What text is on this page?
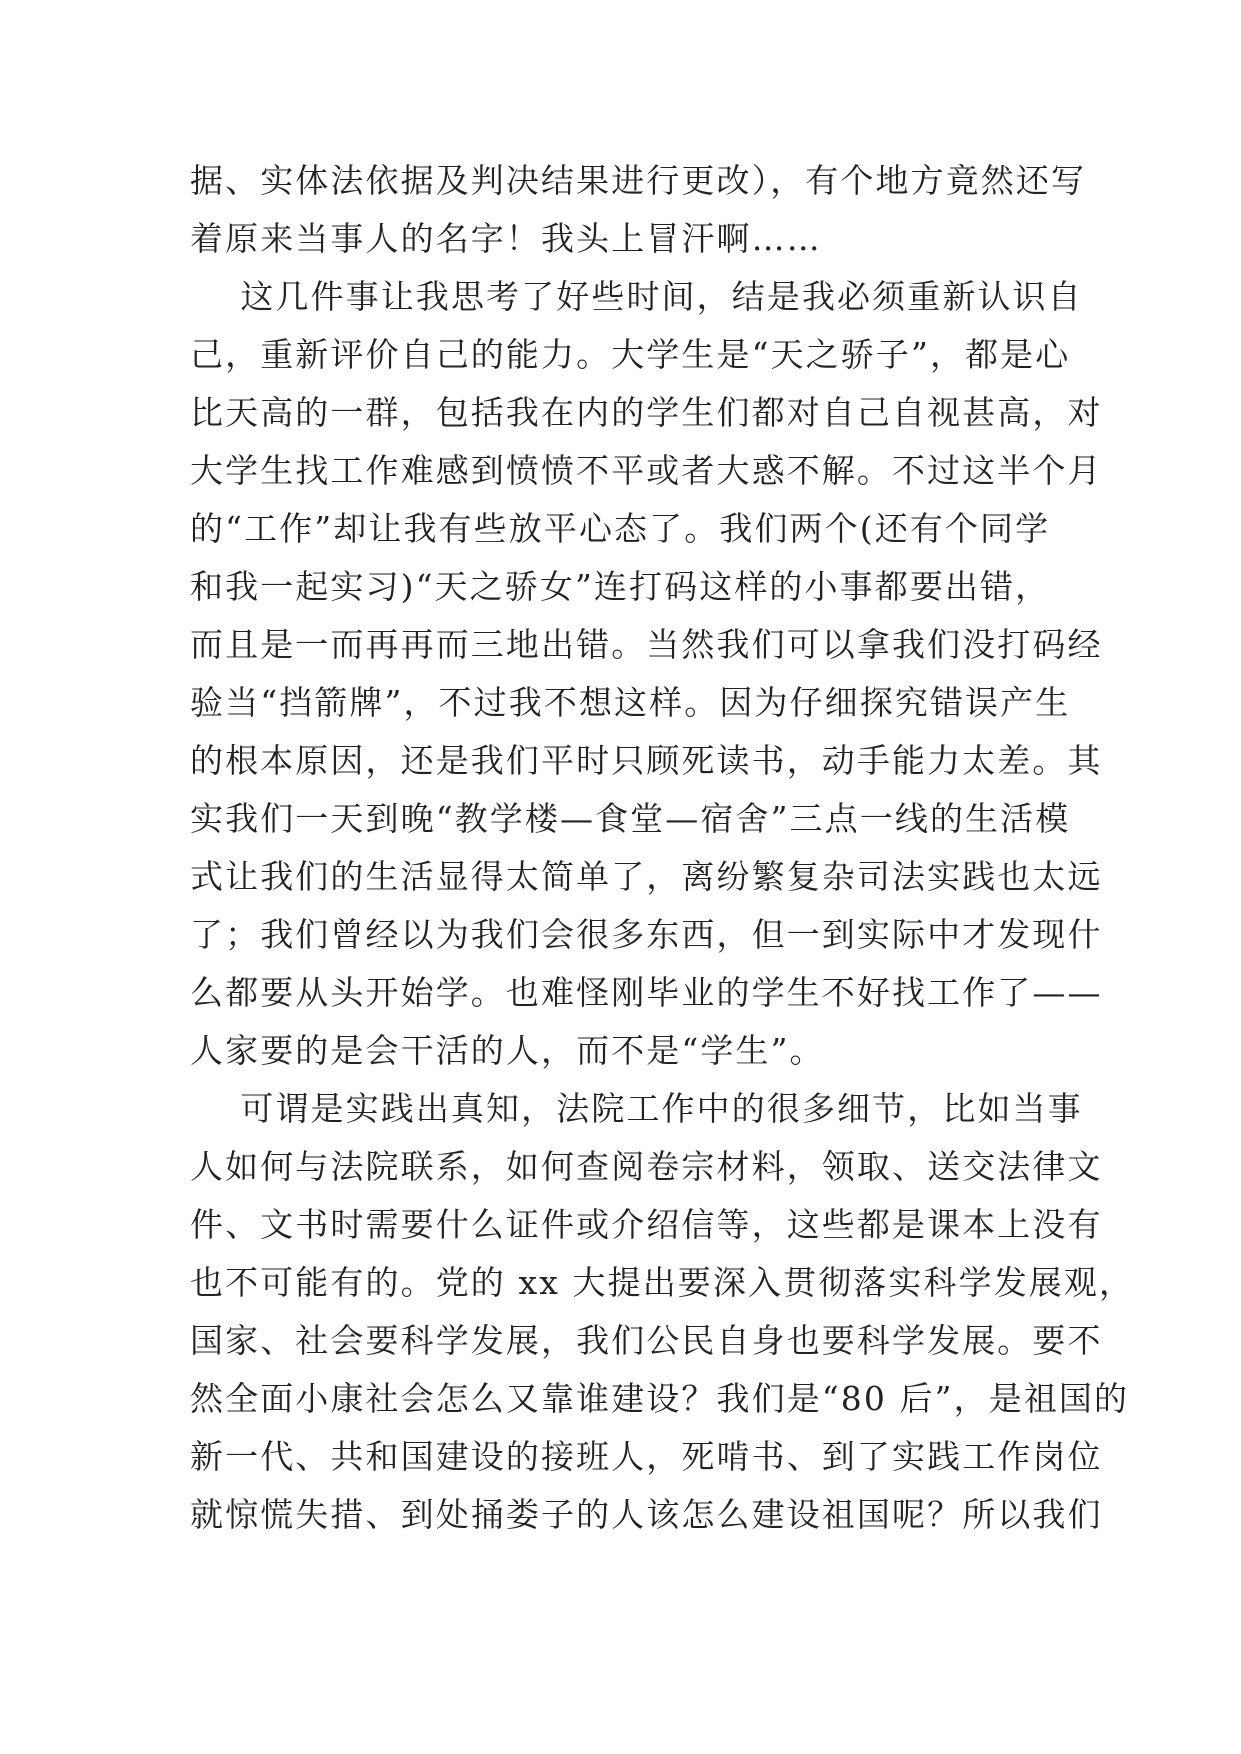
据、实体法依据及判决结果进行更改），有个地方竟然还写
着原来当事人的名字！我头上冒汗啊……
这几件事让我思考了好些时间，结是我必须重新认识自
己，重新评价自己的能力。大学生是“天之骄子”，都是心
比天高的一群，包括我在内的学生们都对自己自视甚高，对
大学生找工作难感到愤愤不平或者大惑不解。不过这半个月
的“工作”却让我有些放平心态了。我们两个(还有个同学
和我一起实习)“天之骄女”连打码这样的小事都要出错，
而且是一而再再而三地出错。当然我们可以拿我们没打码经
验当“挡箭牌”，不过我不想这样。因为仔细探究错误产生
的根本原因，还是我们平时只顾死读书，动手能力太差。其
实我们一天到晚“教学楼—食堂—宿舍”三点一线的生活模
式让我们的生活显得太简单了，离纷繁复杂司法实践也太远
了；我们曾经以为我们会很多东西，但一到实际中才发现什
么都要从头开始学。也难怪刚毕业的学生不好找工作了——
人家要的是会干活的人，而不是“学生”。
可谓是实践出真知，法院工作中的很多细节，比如当事
人如何与法院联系，如何查阅卷宗材料，领取、送交法律文
件、文书时需要什么证件或介绍信等，这些都是课本上没有
也不可能有的。党的 xx 大提出要深入贯彻落实科学发展观，
国家、社会要科学发展，我们公民自身也要科学发展。要不
然全面小康社会怎么又靠谁建设？我们是“80 后”，是祖国的
新一代、共和国建设的接班人，死啃书、到了实践工作岗位
就惊慌失措、到处捅娄子的人该怎么建设祖国呢？所以我们
